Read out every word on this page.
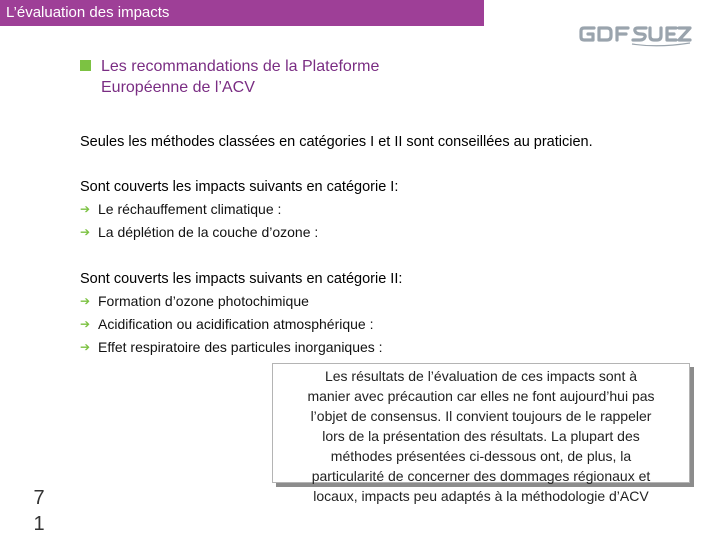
L’évaluation des impacts
Les recommandations de la Plateforme
Européenne de l’ACV
Seules les méthodes classées en catégories I et II sont conseillées au praticien.
Sont couverts les impacts suivants en catégorie I:
➔ Le réchauffement climatique :
➔ La déplétion de la couche d’ozone :
Sont couverts les impacts suivants en catégorie II:
➔ Formation d’ozone photochimique
➔ Acidification ou acidification atmosphérique :
➔ Effet respiratoire des particules inorganiques :
Les résultats de l’évaluation de ces impacts sont à
manier avec précaution car elles ne font aujourd’hui pas
l’objet de consensus. Il convient toujours de le rappeler
lors de la présentation des résultats. La plupart des
méthodes présentées ci-dessous ont, de plus, la
particularité de concerner des dommages régionaux et
locaux, impacts peu adaptés à la méthodologie d’ACV
71
